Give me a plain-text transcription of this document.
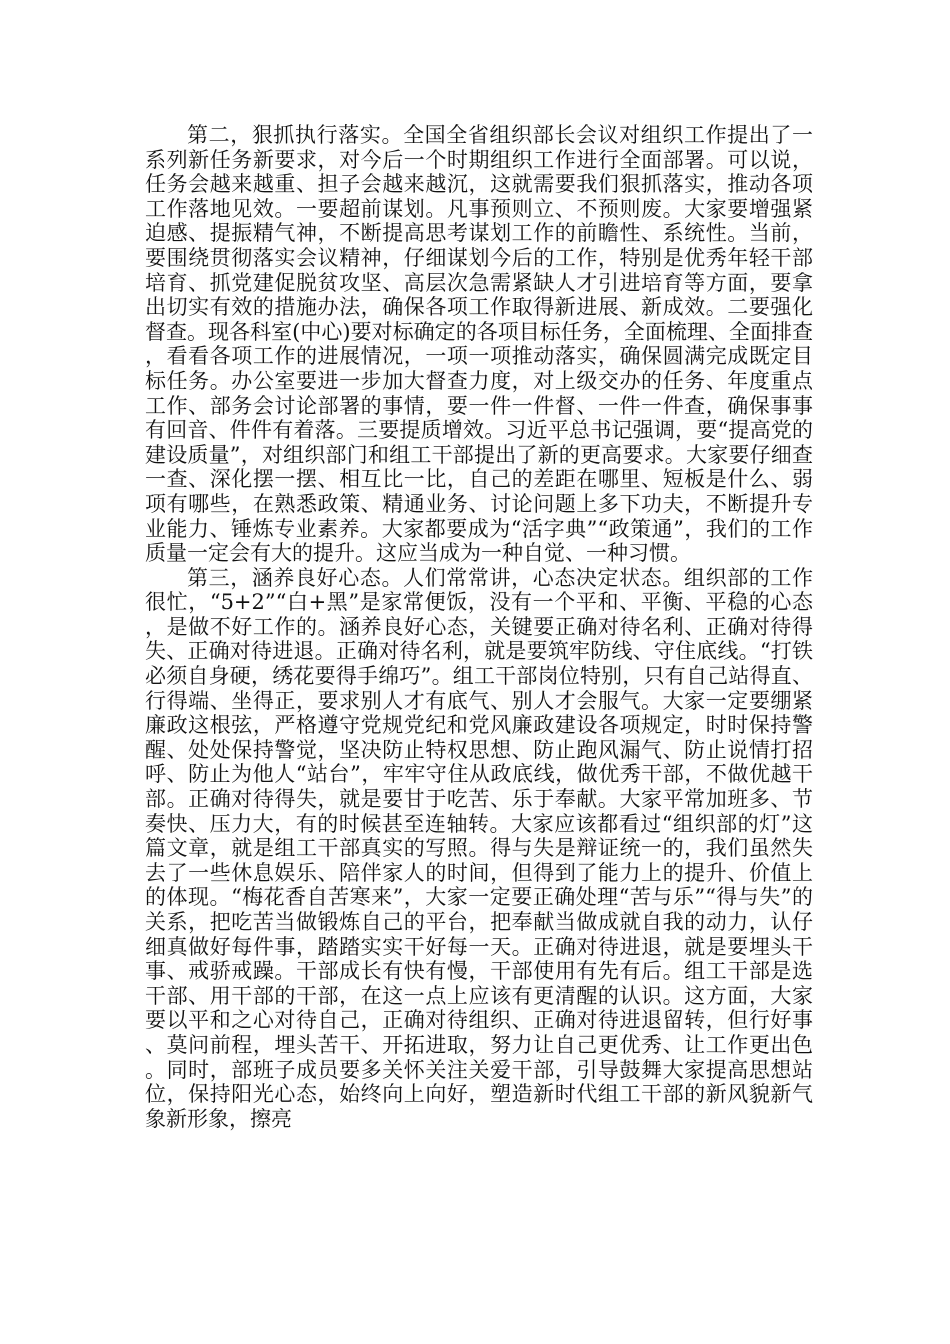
第二，狠抓执行落实。全国全省组织部长会议对组织工作提出了一系列新任务新要求，对今后一个时期组织工作进行全面部署。可以说，任务会越来越重、担子会越来越沉，这就需要我们狠抓落实，推动各项工作落地见效。一要超前谋划。凡事预则立、不预则废。大家要增强紧迫感、提振精气神，不断提高思考谋划工作的前瞻性、系统性。当前，要围绕贯彻落实会议精神，仔细谋划今后的工作，特别是优秀年轻干部培育、抓党建促脱贫攻坚、高层次急需紧缺人才引进培育等方面，要拿出切实有效的措施办法，确保各项工作取得新进展、新成效。二要强化督查。现各科室(中心)要对标确定的各项目标任务，全面梳理、全面排查，看看各项工作的进展情况，一项一项推动落实，确保圆满完成既定目标任务。办公室要进一步加大督查力度，对上级交办的任务、年度重点工作、部务会讨论部署的事情，要一件一件督、一件一件查，确保事事有回音、件件有着落。三要提质增效。习近平总书记强调，要“提高党的建设质量”，对组织部门和组工干部提出了新的更高要求。大家要仔细查一查、深化摆一摆、相互比一比，自己的差距在哪里、短板是什么、弱项有哪些，在熟悉政策、精通业务、讨论问题上多下功夫，不断提升专业能力、锤炼专业素养。大家都要成为“活字典”“政策通”，我们的工作质量一定会有大的提升。这应当成为一种自觉、一种习惯。

第三，涵养良好心态。人们常常讲，心态决定状态。组织部的工作很忙，“5+2”“白+黑”是家常便饭，没有一个平和、平衡、平稳的心态，是做不好工作的。涵养良好心态，关键要正确对待名利、正确对待得失、正确对待进退。正确对待名利，就是要筑牢防线、守住底线。“打铁必须自身硬，绣花要得手绵巧”。组工干部岗位特别，只有自己站得直、行得端、坐得正，要求别人才有底气、别人才会服气。大家一定要绷紧廉政这根弦，严格遵守党规党纪和党风廉政建设各项规定，时时保持警醒、处处保持警觉，坚决防止特权思想、防止跑风漏气、防止说情打招呼、防止为他人“站台”，牢牢守住从政底线，做优秀干部，不做优越干部。正确对待得失，就是要甘于吃苦、乐于奉献。大家平常加班多、节奏快、压力大，有的时候甚至连轴转。大家应该都看过“组织部的灯”这篇文章，就是组工干部真实的写照。得与失是辩证统一的，我们虽然失去了一些休息娱乐、陪伴家人的时间，但得到了能力上的提升、价值上的体现。“梅花香自苦寒来”，大家一定要正确处理“苦与乐”“得与失”的关系，把吃苦当做锻炼自己的平台，把奉献当做成就自我的动力，认仔细真做好每件事，踏踏实实干好每一天。正确对待进退，就是要埋头干事、戒骄戒躁。干部成长有快有慢，干部使用有先有后。组工干部是选干部、用干部的干部，在这一点上应该有更清醒的认识。这方面，大家要以平和之心对待自己，正确对待组织、正确对待进退留转，但行好事、莫问前程，埋头苦干、开拓进取，努力让自己更优秀、让工作更出色。同时，部班子成员要多关怀关注关爱干部，引导鼓舞大家提高思想站位，保持阳光心态，始终向上向好，塑造新时代组工干部的新风貌新气象新形象，擦亮
